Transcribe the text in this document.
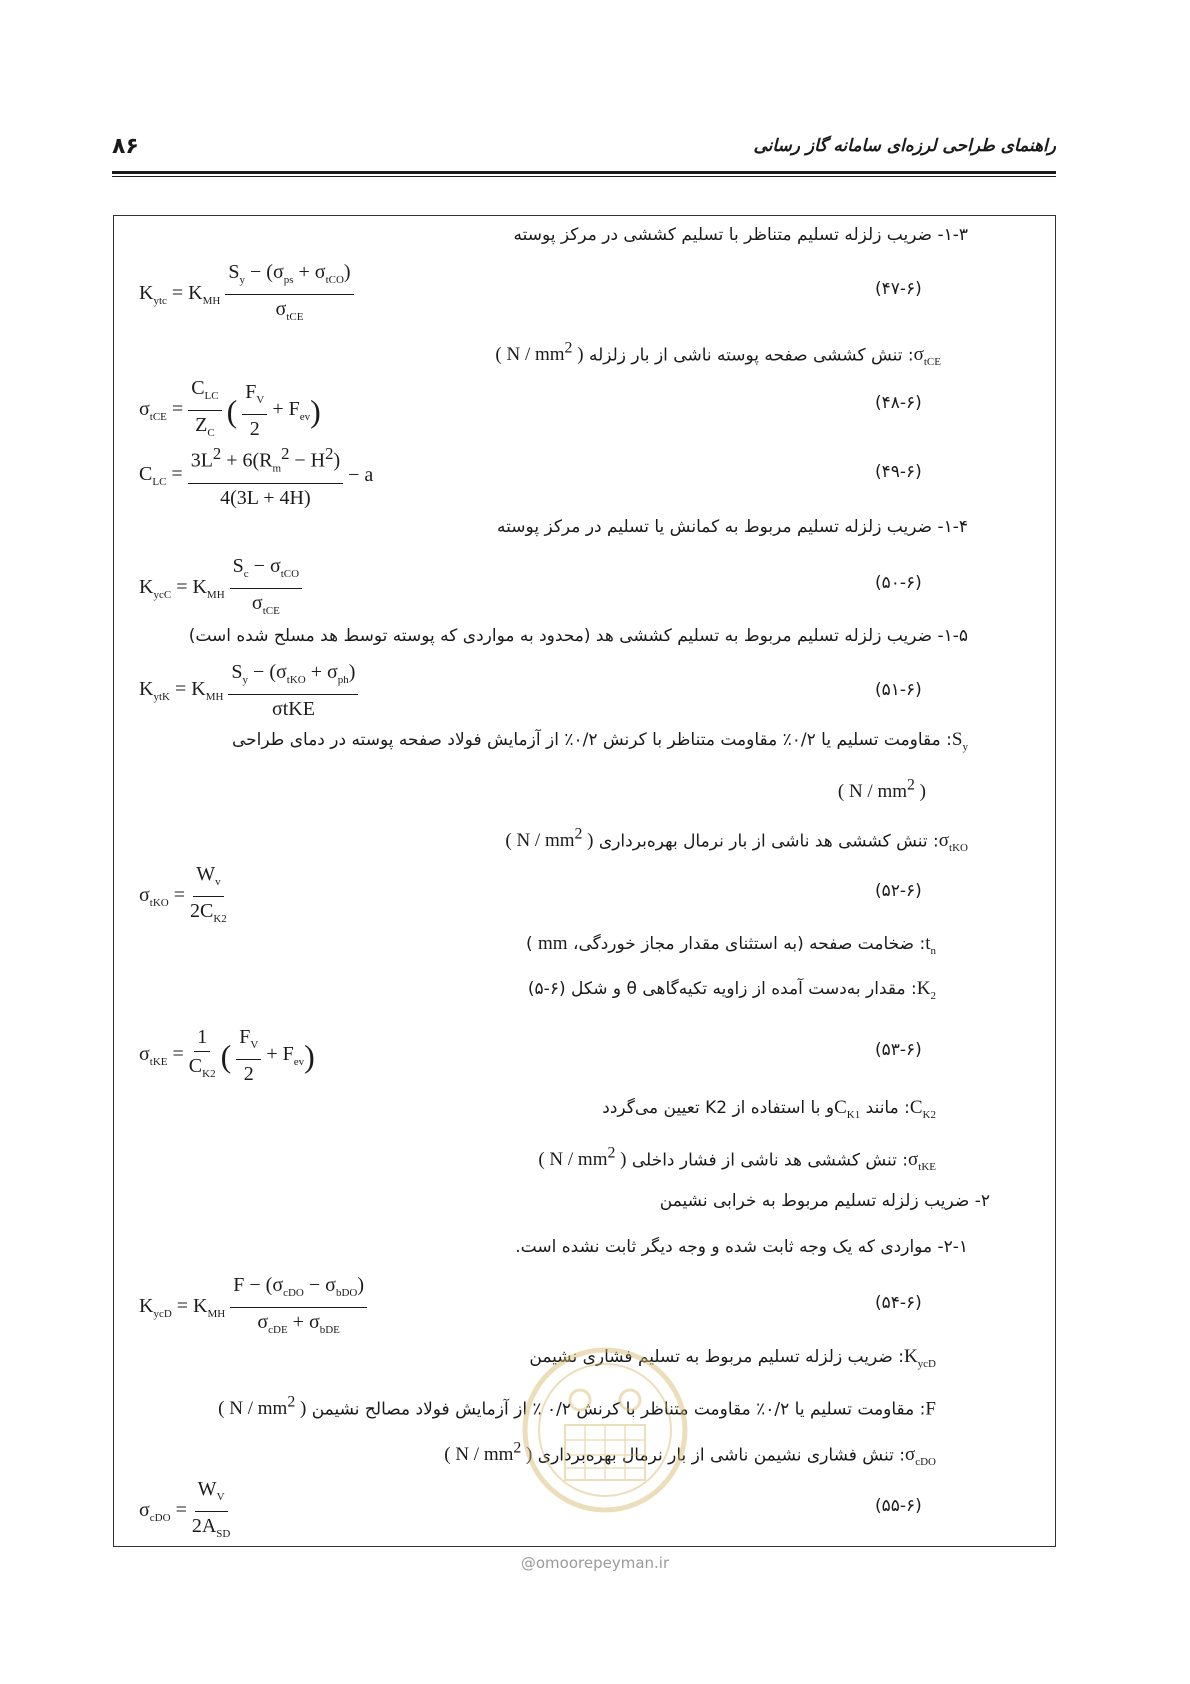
۸۶	راهنمای طراحی لرزه‌ای سامانه گاز رسانی
۱-۳- ضریب زلزله تسلیم متناظر با تسلیم کششی در مرکز پوسته
$K_{ytc} = K_{MH} \frac{S_y - (\sigma_{ps} + \sigma_{tCO})}{\sigma_{tCE}}$	(۴۷-۶)
$\sigma_{tCE}$: تنش کششی صفحه پوسته ناشی از بار زلزله ( N / $mm^2$ )
$\sigma_{tCE} = \frac{C_{LC}}{Z_C}$ ( $\frac{F_V}{2} + F_{ev}$ )	(۴۸-۶)
$C_{LC} = \frac{3L^2 + 6(R_m^2 - H^2)}{4(3L + 4H)} - a$	(۴۹-۶)
۱-۴- ضریب زلزله تسلیم مربوط به کمانش یا تسلیم در مرکز پوسته
$K_{ycC} = K_{MH} \frac{S_c - \sigma_{tCO}}{\sigma_{tCE}}$	(۵۰-۶)
۱-۵- ضریب زلزله تسلیم مربوط به تسلیم کششی هد (محدود به مواردی که پوسته توسط هد مسلح شده است)
$K_{ytK} = K_{MH} \frac{S_y - (\sigma_{tKO} + \sigma_{ph})}{\text{σtKE}}$	(۵۱-۶)
$S_y$: مقاومت تسلیم یا ۰/۲٪ مقاومت متناظر با کرنش ۰/۲٪ از آزمایش فولاد صفحه پوسته در دمای طراحی
( N / $mm^2$ )
$\sigma_{tKO}$: تنش کششی هد ناشی از بار نرمال بهره‌برداری ( N / $mm^2$ )
$\sigma_{tKO} = \frac{W_v}{2C_{K2}}$	(۵۲-۶)
$t_n$: ضخامت صفحه (به استثنای مقدار مجاز خوردگی، mm )
$K_2$: مقدار به‌دست آمده از زاویه تکیه‌گاهی θ و شکل (۶-۵)
$\sigma_{tKE} = \frac{1}{C_{K2}}$ ( $\frac{F_V}{2} + F_{ev}$ )	(۵۳-۶)
$C_{K2}$: مانند $C_{K1}و$ با استفاده از K2 تعیین می‌گردد
$\sigma_{tKE}$: تنش کششی هد ناشی از فشار داخلی ( N / $mm^2$ )
۲- ضریب زلزله تسلیم مربوط به خرابی نشیمن
۲-۱- مواردی که یک وجه ثابت شده و وجه دیگر ثابت نشده است.
$K_{ycD} = K_{MH} \frac{F - (\sigma_{cDO} - \sigma_{bDO})}{\sigma_{cDE} + \sigma_{bDE}}$	(۵۴-۶)
$K_{ycD}$: ضریب زلزله تسلیم مربوط به تسلیم فشاری نشیمن
F: مقاومت تسلیم یا ۰/۲٪ مقاومت متناظر با کرنش ۰/۲ ٪ از آزمایش فولاد مصالح نشیمن ( N / $mm^2$ )
$\sigma_{cDO}$: تنش فشاری نشیمن ناشی از بار نرمال بهره‌برداری ( N / $mm^2$ )
$\sigma_{cDO} = \frac{W_V}{2A_{SD}}$	(۵۵-۶)
@omoorepeyman.ir
